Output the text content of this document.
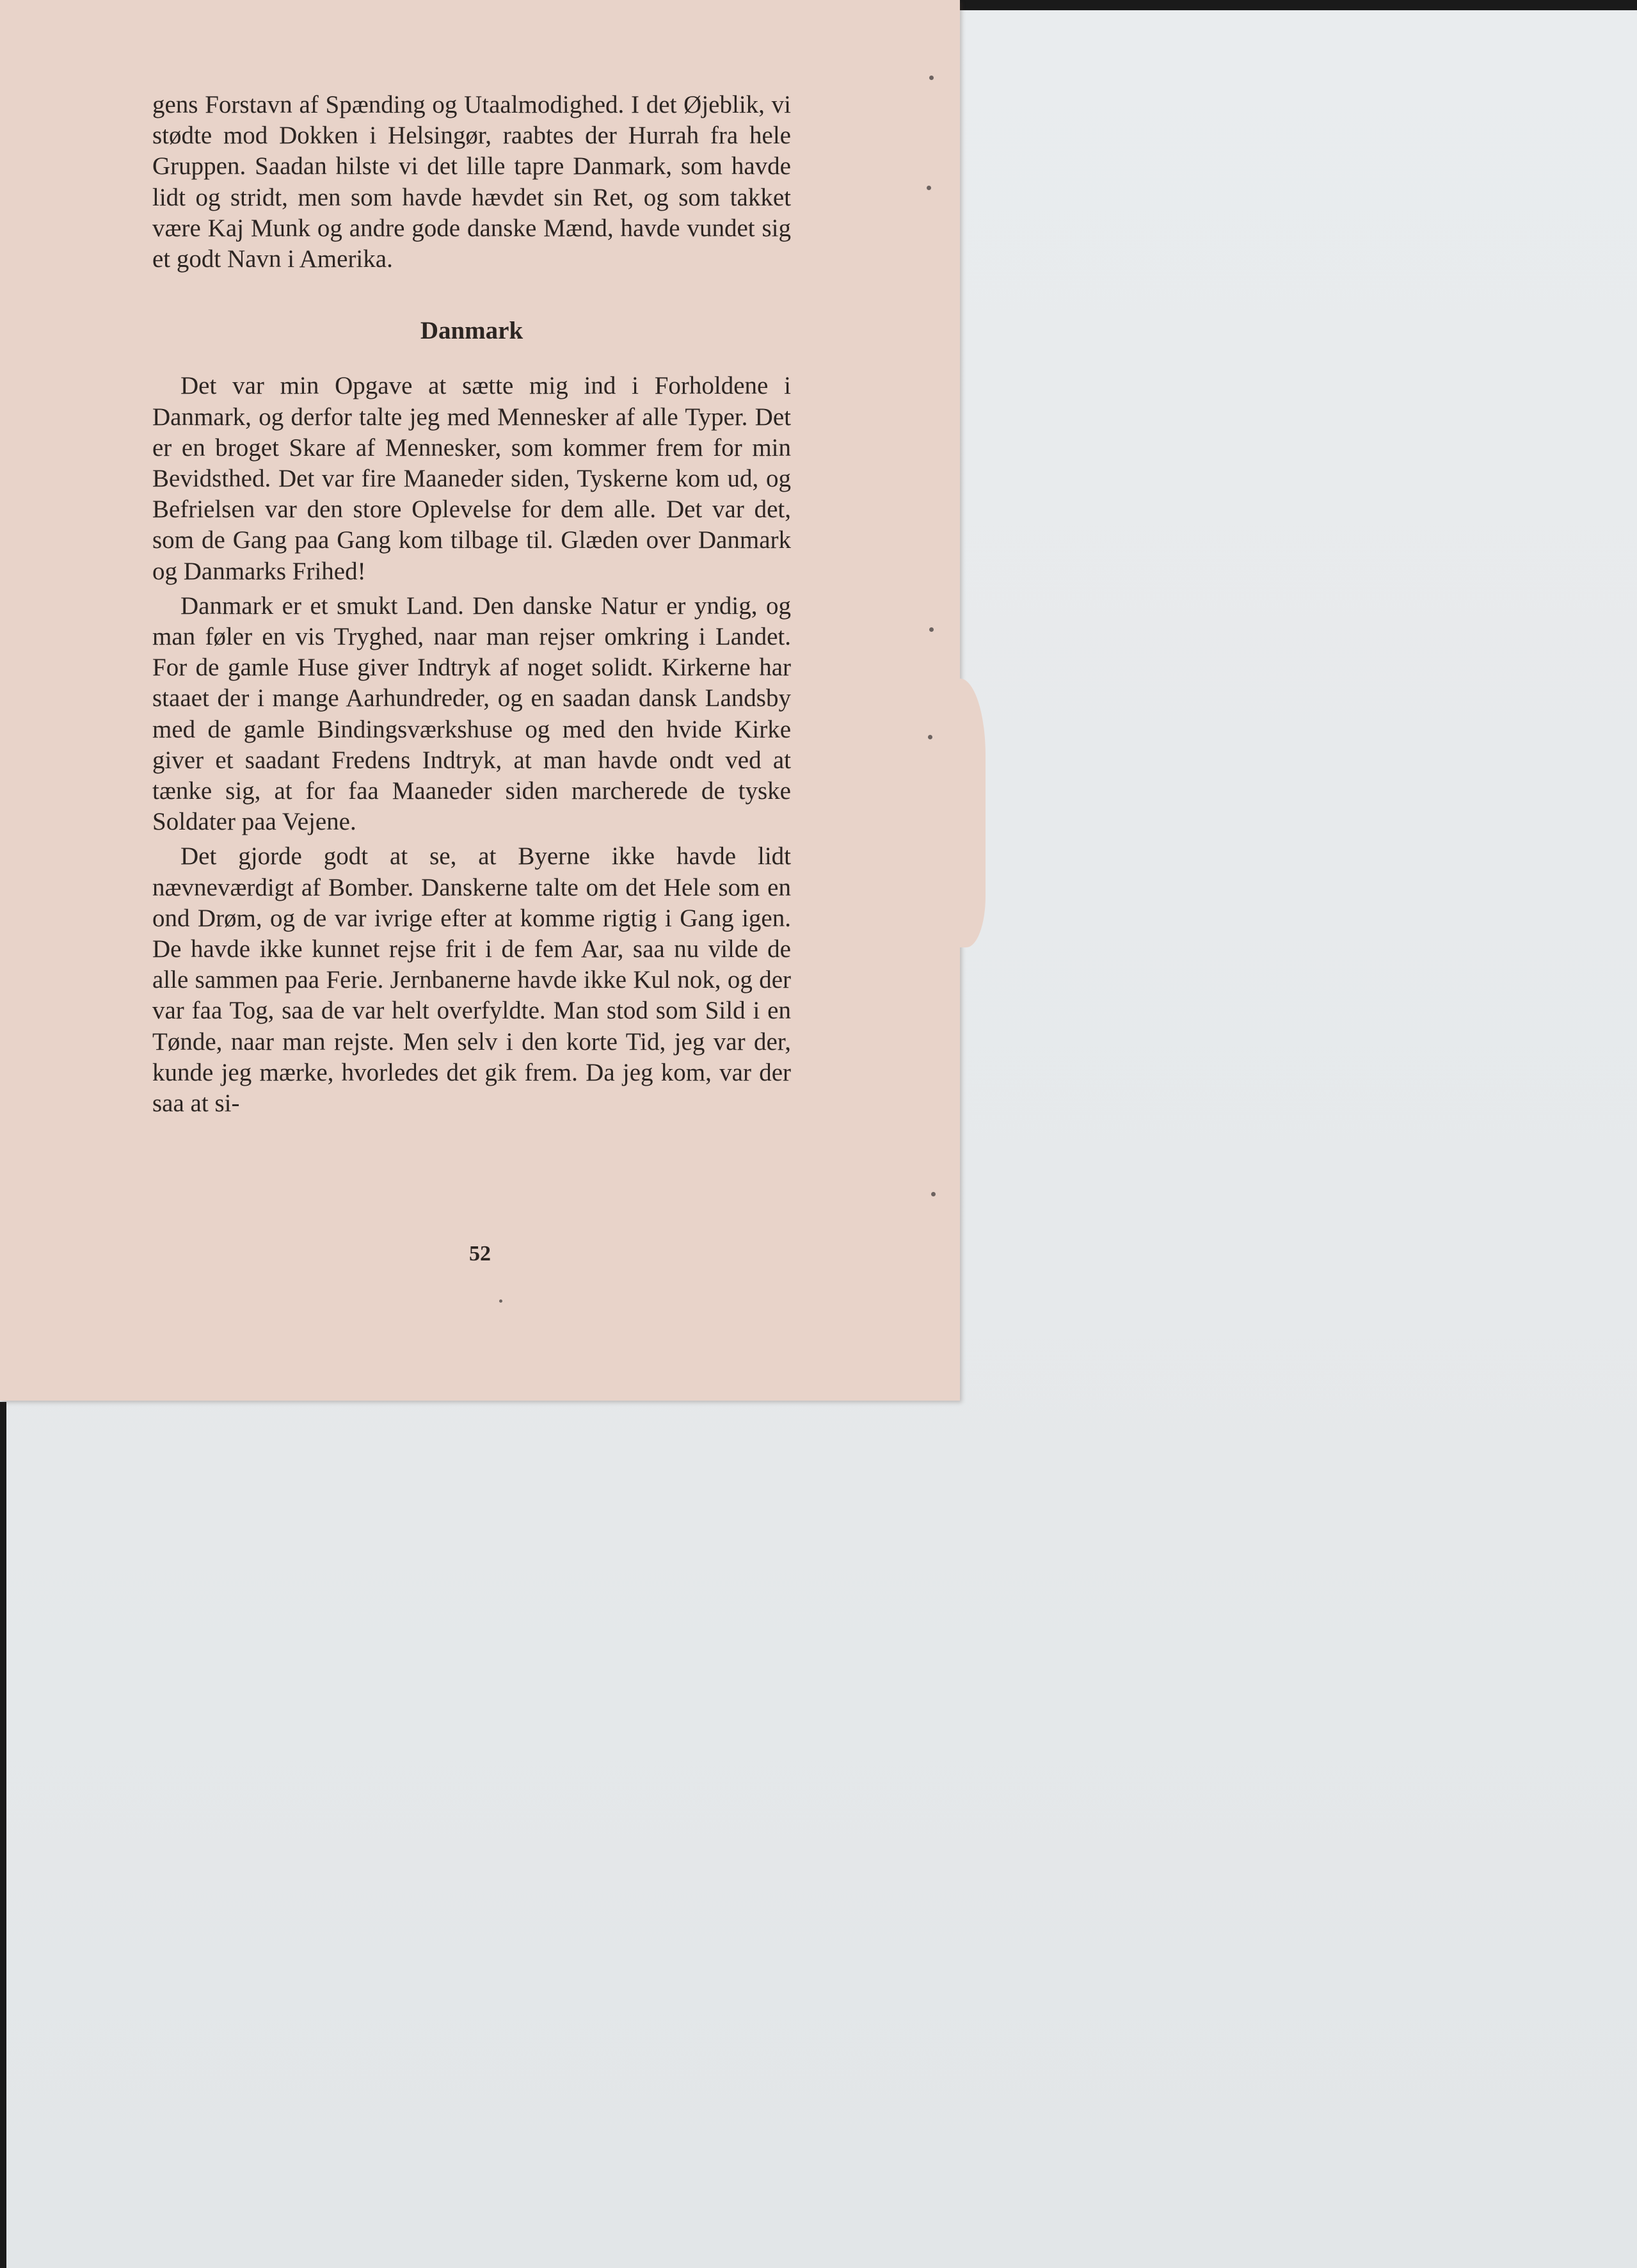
gens Forstavn af Spænding og Utaalmodighed. I det Øjeblik, vi stødte mod Dokken i Helsingør, raabtes der Hurrah fra hele Gruppen. Saadan hilste vi det lille tapre Danmark, som havde lidt og stridt, men som havde hævdet sin Ret, og som takket være Kaj Munk og andre gode danske Mænd, havde vundet sig et godt Navn i Amerika.

Danmark

Det var min Opgave at sætte mig ind i Forholdene i Danmark, og derfor talte jeg med Mennesker af alle Typer. Det er en broget Skare af Mennesker, som kommer frem for min Bevidsthed. Det var fire Maaneder siden, Tyskerne kom ud, og Befrielsen var den store Oplevelse for dem alle. Det var det, som de Gang paa Gang kom tilbage til. Glæden over Danmark og Danmarks Frihed!

Danmark er et smukt Land. Den danske Natur er yndig, og man føler en vis Tryghed, naar man rejser omkring i Landet. For de gamle Huse giver Indtryk af noget solidt. Kirkerne har staaet der i mange Aarhundreder, og en saadan dansk Landsby med de gamle Bindingsværkshuse og med den hvide Kirke giver et saadant Fredens Indtryk, at man havde ondt ved at tænke sig, at for faa Maaneder siden marcherede de tyske Soldater paa Vejene.

Det gjorde godt at se, at Byerne ikke havde lidt nævneværdigt af Bomber. Danskerne talte om det Hele som en ond Drøm, og de var ivrige efter at komme rigtig i Gang igen. De havde ikke kunnet rejse frit i de fem Aar, saa nu vilde de alle sammen paa Ferie. Jernbanerne havde ikke Kul nok, og der var faa Tog, saa de var helt overfyldte. Man stod som Sild i en Tønde, naar man rejste. Men selv i den korte Tid, jeg var der, kunde jeg mærke, hvorledes det gik frem. Da jeg kom, var der saa at si-

52
